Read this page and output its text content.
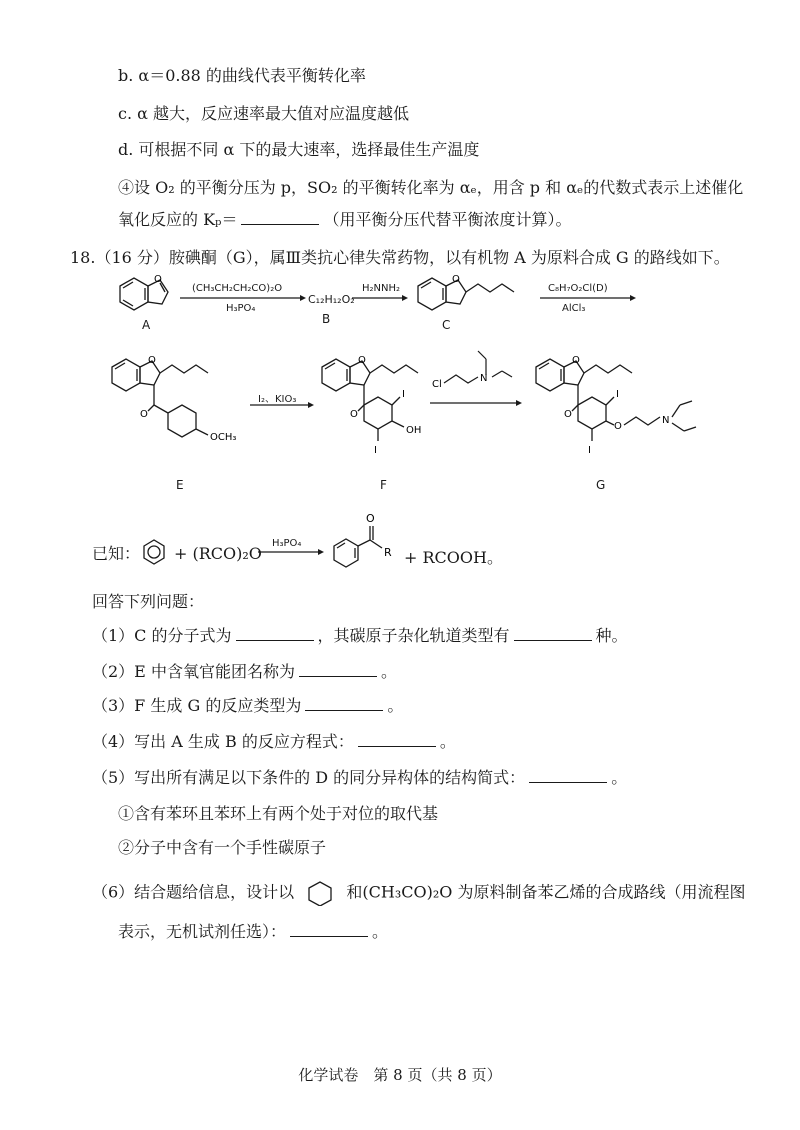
b. α＝0.88 的曲线代表平衡转化率
c. α 越大，反应速率最大值对应温度越低
d. 可根据不同 α 下的最大速率，选择最佳生产温度
④设 O₂ 的平衡分压为 p，SO₂ 的平衡转化率为 αₑ，用含 p 和 αₑ的代数式表示上述催化
氧化反应的 Kₚ＝	（用平衡分压代替平衡浓度计算）。
18.（16 分）胺碘酮（G），属Ⅲ类抗心律失常药物，以有机物 A 为原料合成 G 的路线如下。
O	O
(CH₃CH₂CH₂CO)₂O
H₃PO₄
C₁₂H₁₂O₂
H₂NNH₂	C₈H₇O₂Cl(D)
AlCl₃
A	B	C
O
O
OCH₃
O
O
I
I
OH
Cl
N
O
O
I
I
O
N
E	F	G
I₂、KIO₃
已知：
O
R
+ (RCO)₂O
H₃PO₄
+ RCOOH。
回答下列问题：
（1）C 的分子式为	，其碳原子杂化轨道类型有	种。
（2）E 中含氧官能团名称为	。
（3）F 生成 G 的反应类型为	。
（4）写出 A 生成 B 的反应方程式：	。
（5）写出所有满足以下条件的 D 的同分异构体的结构简式：	。
①含有苯环且苯环上有两个处于对位的取代基
②分子中含有一个手性碳原子
（6）结合题给信息，设计以	和(CH₃CO)₂O 为原料制备苯乙烯的合成路线（用流程图
表示，无机试剂任选）：	。
化学试卷　第 8 页（共 8 页）
